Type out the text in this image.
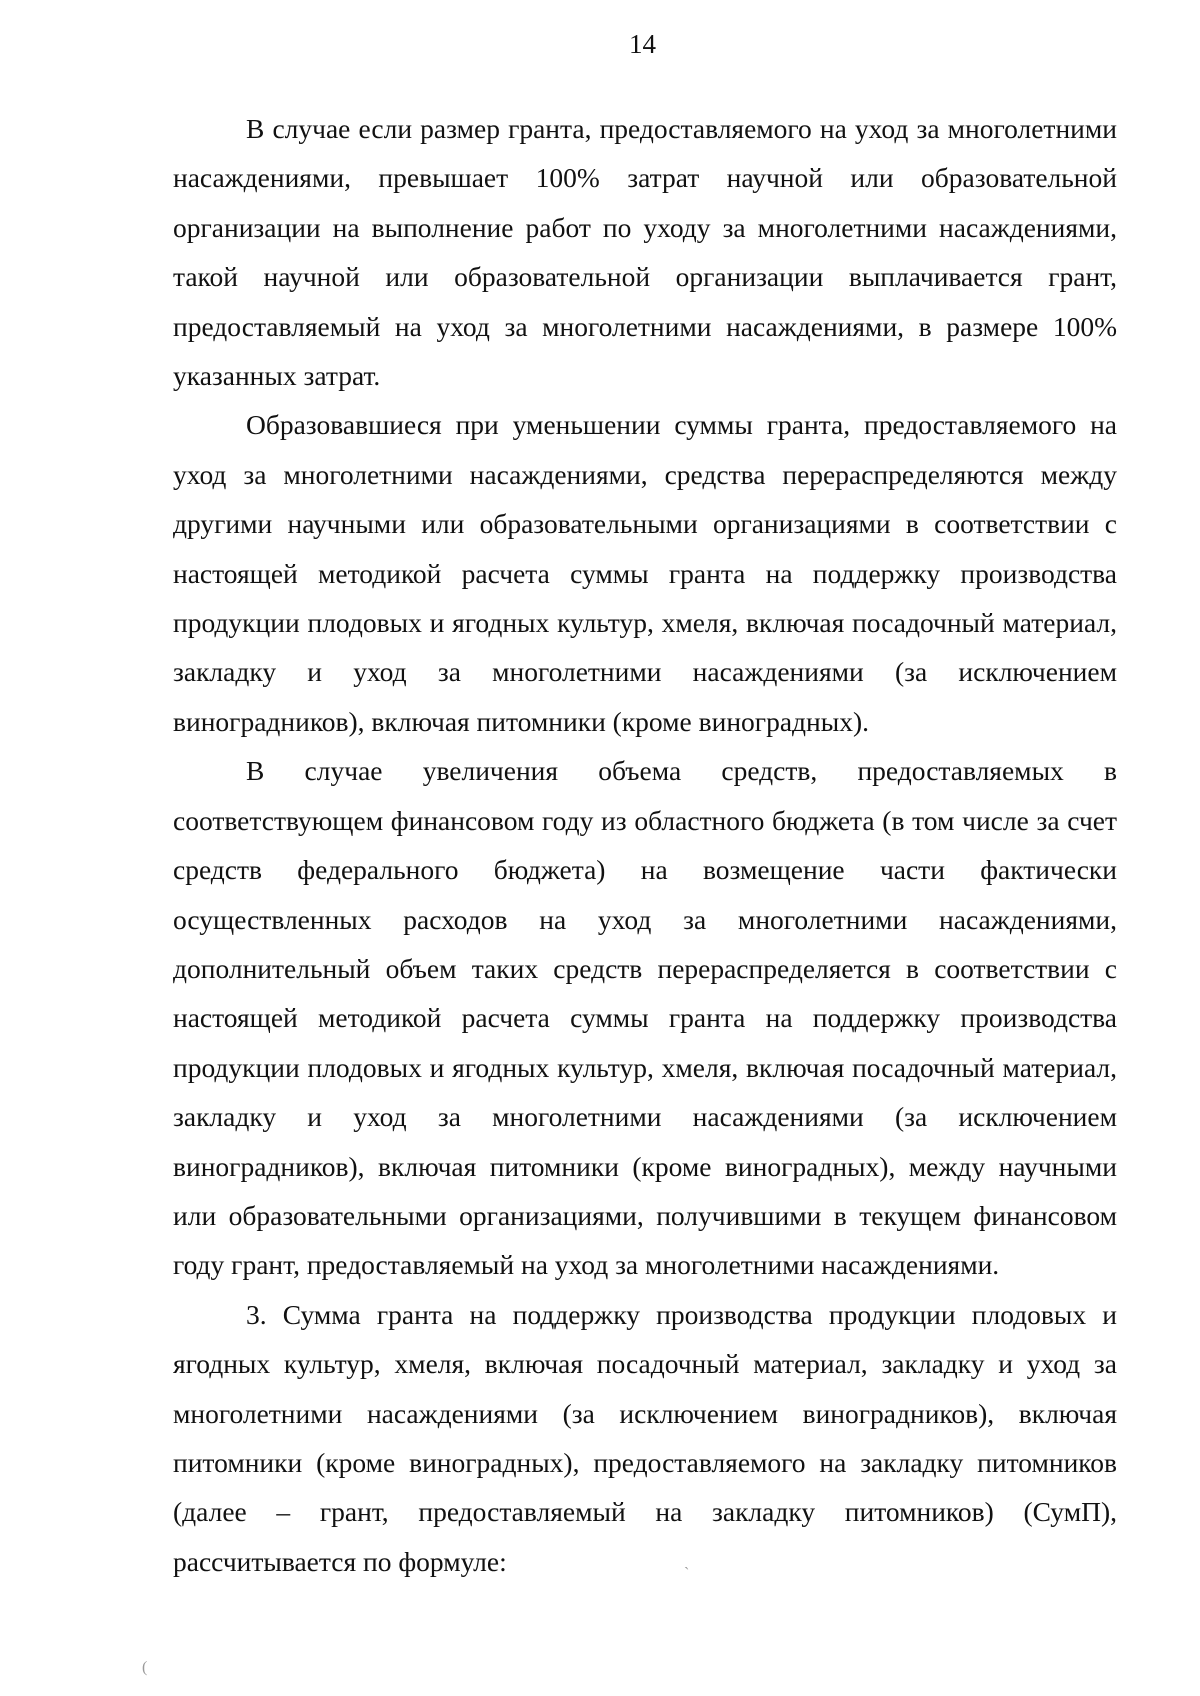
14

В случае если размер гранта, предоставляемого на уход за многолетними насаждениями, превышает 100% затрат научной или образовательной организации на выполнение работ по уходу за многолетними насаждениями, такой научной или образовательной организации выплачивается грант, предоставляемый на уход за многолетними насаждениями, в размере 100% указанных затрат.

Образовавшиеся при уменьшении суммы гранта, предоставляемого на уход за многолетними насаждениями, средства перераспределяются между другими научными или образовательными организациями в соответствии с настоящей методикой расчета суммы гранта на поддержку производства продукции плодовых и ягодных культур, хмеля, включая посадочный материал, закладку и уход за многолетними насаждениями (за исключением виноградников), включая питомники (кроме виноградных).

В случае увеличения объема средств, предоставляемых в соответствующем финансовом году из областного бюджета (в том числе за счет средств федерального бюджета) на возмещение части фактически осуществленных расходов на уход за многолетними насаждениями, дополнительный объем таких средств перераспределяется в соответствии с настоящей методикой расчета суммы гранта на поддержку производства продукции плодовых и ягодных культур, хмеля, включая посадочный материал, закладку и уход за многолетними насаждениями (за исключением виноградников), включая питомники (кроме виноградных), между научными или образовательными организациями, получившими в текущем финансовом году грант, предоставляемый на уход за многолетними насаждениями.

3. Сумма гранта на поддержку производства продукции плодовых и ягодных культур, хмеля, включая посадочный материал, закладку и уход за многолетними насаждениями (за исключением виноградников), включая питомники (кроме виноградных), предоставляемого на закладку питомников (далее – грант, предоставляемый на закладку питомников) (СумП), рассчитывается по формуле:	ˋ
(
